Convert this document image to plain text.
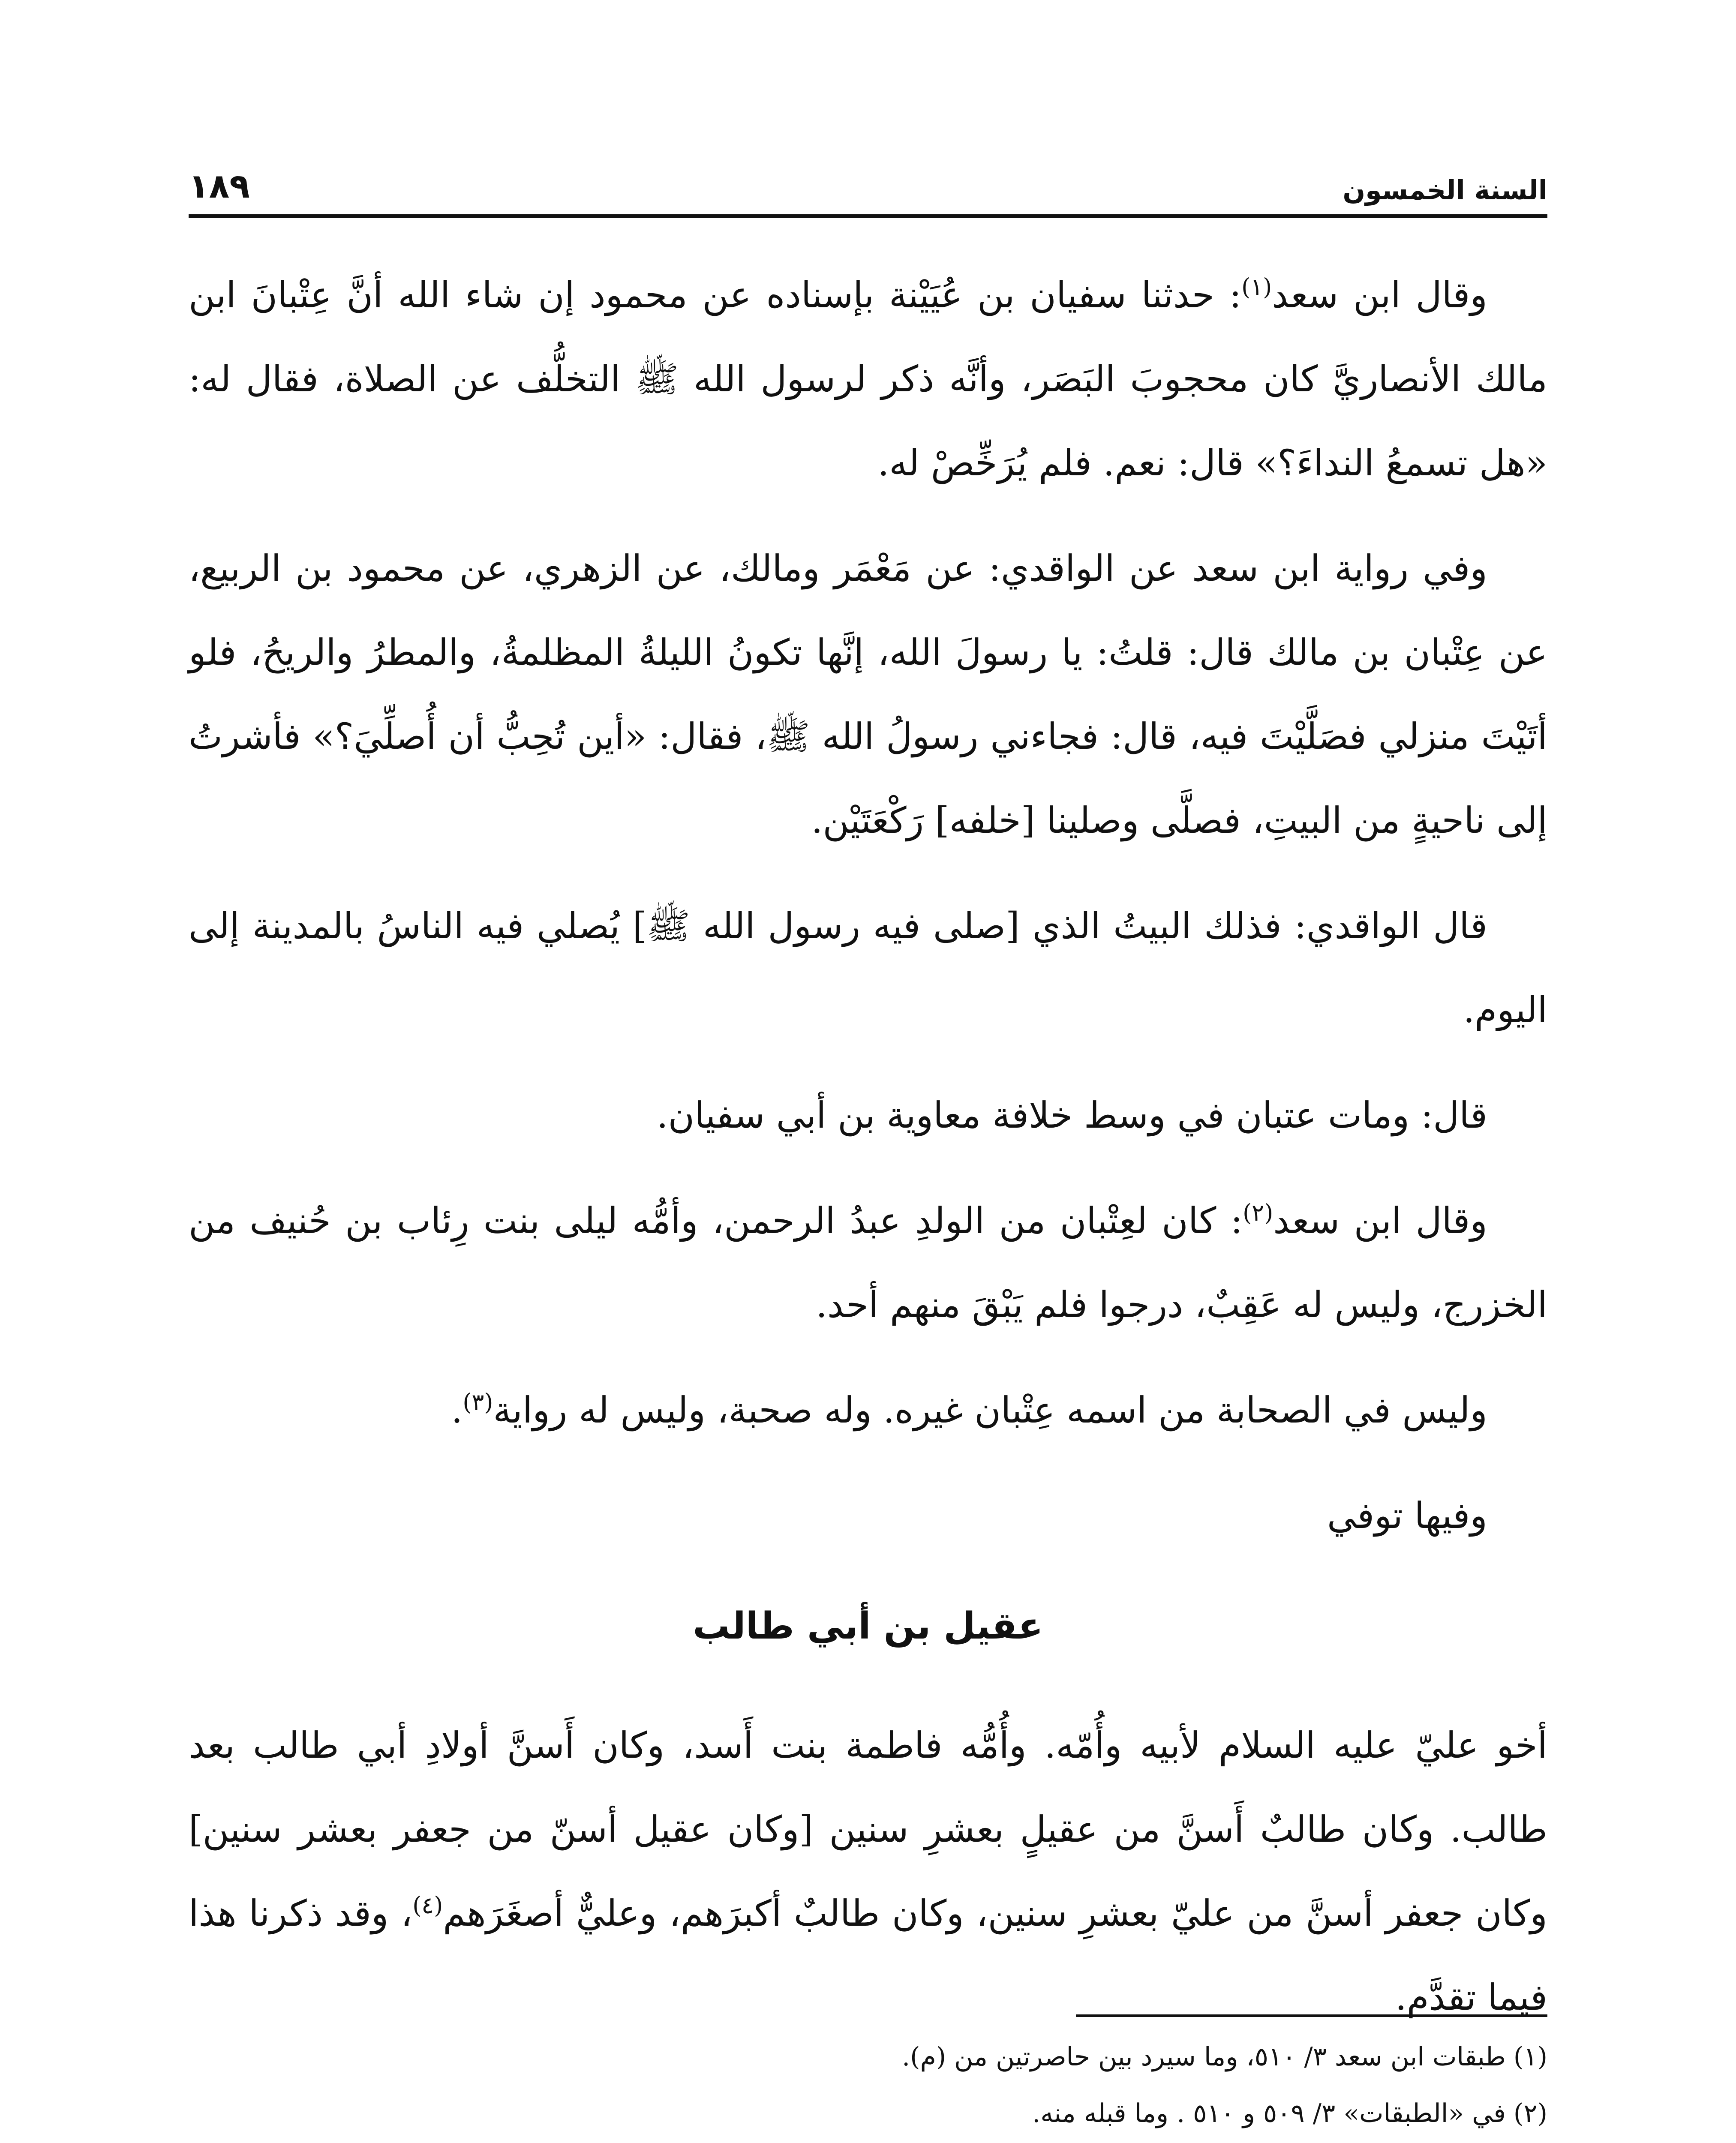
السنة الخمسون
١٨٩

وقال ابن سعد$^{(١)}$: حدثنا سفيان بن عُيَيْنة بإسناده عن محمود إن شاء الله أنَّ عِتْبانَ ابن مالك الأنصاريَّ كان محجوبَ البَصَر، وأنَّه ذكر لرسول الله ﷺ التخلُّف عن الصلاة، فقال له: «هل تسمعُ النداءَ؟» قال: نعم. فلم يُرَخِّصْ له.

وفي رواية ابن سعد عن الواقدي: عن مَعْمَر ومالك، عن الزهري، عن محمود بن الربيع، عن عِتْبان بن مالك قال: قلتُ: يا رسولَ الله، إنَّها تكونُ الليلةُ المظلمةُ، والمطرُ والريحُ، فلو أتَيْتَ منزلي فصَلَّيْتَ فيه، قال: فجاءني رسولُ الله ﷺ، فقال: «أين تُحِبُّ أن أُصلِّيَ؟» فأشرتُ إلى ناحيةٍ من البيتِ، فصلَّى وصلينا [خلفه] رَكْعَتَيْن.

قال الواقدي: فذلك البيتُ الذي [صلى فيه رسول الله ﷺ] يُصلي فيه الناسُ بالمدينة إلى اليوم.

قال: ومات عتبان في وسط خلافة معاوية بن أبي سفيان.

وقال ابن سعد$^{(٢)}$: كان لعِتْبان من الولدِ عبدُ الرحمن، وأمُّه ليلى بنت رِئاب بن حُنيف من الخزرج، وليس له عَقِبٌ، درجوا فلم يَبْقَ منهم أحد.

وليس في الصحابة من اسمه عِتْبان غيره. وله صحبة، وليس له رواية$^{(٣)}$.

وفيها توفي

عقيل بن أبي طالب

أخو عليّ عليه السلام لأبيه وأُمّه. وأُمُّه فاطمة بنت أَسد، وكان أَسنَّ أولادِ أبي طالب بعد طالب. وكان طالبٌ أَسنَّ من عقيلٍ بعشرِ سنين [وكان عقيل أسنّ من جعفر بعشر سنين] وكان جعفر أسنَّ من عليّ بعشرِ سنين، وكان طالبٌ أكبرَهم، وعليٌّ أصغَرَهم$^{(٤)}$، وقد ذكرنا هذا فيما تقدَّم.

(١)طبقات ابن سعد ٣/ ٥١٠، وما سيرد بين حاصرتين من (م).
(٢)في «الطبقات» ٣/ ٥٠٩ و ٥١٠ . وما قبله منه.
